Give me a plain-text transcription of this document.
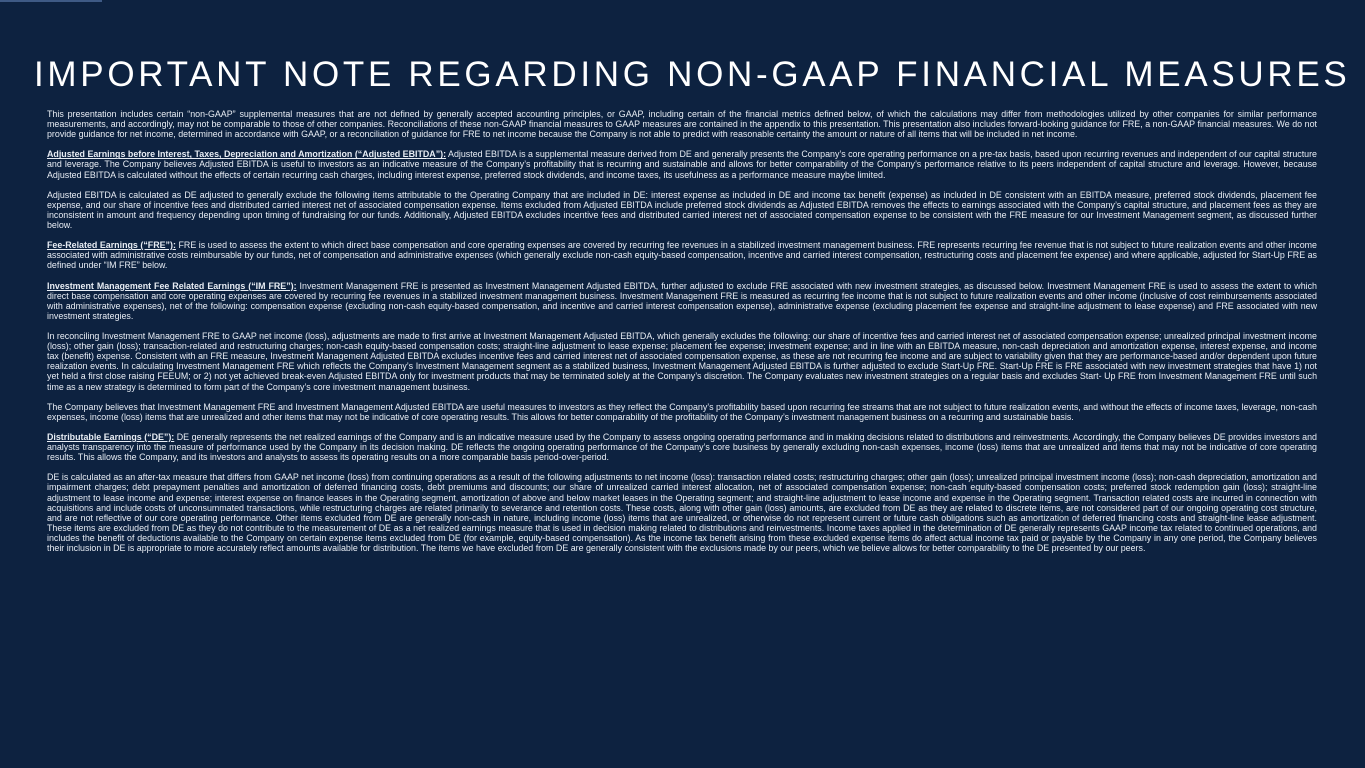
IMPORTANT NOTE REGARDING NON-GAAP FINANCIAL MEASURES

This presentation includes certain “non-GAAP” supplemental measures that are not defined by generally accepted accounting principles, or GAAP, including certain of the financial metrics defined below, of which the calculations may differ from methodologies utilized by other companies for similar performance measurements, and accordingly, may not be comparable to those of other companies. Reconciliations of these non-GAAP financial measures to GAAP measures are contained in the appendix to this presentation. This presentation also includes forward-looking guidance for FRE, a non-GAAP financial measures. We do not provide guidance for net income, determined in accordance with GAAP, or a reconciliation of guidance for FRE to net income because the Company is not able to predict with reasonable certainty the amount or nature of all items that will be included in net income.

Adjusted Earnings before Interest, Taxes, Depreciation and Amortization (“Adjusted EBITDA”): Adjusted EBITDA is a supplemental measure derived from DE and generally presents the Company’s core operating performance on a pre-tax basis, based upon recurring revenues and independent of our capital structure and leverage. The Company believes Adjusted EBITDA is useful to investors as an indicative measure of the Company’s profitability that is recurring and sustainable and allows for better comparability of the Company’s performance relative to its peers independent of capital structure and leverage. However, because Adjusted EBITDA is calculated without the effects of certain recurring cash charges, including interest expense, preferred stock dividends, and income taxes, its usefulness as a performance measure maybe limited.

Adjusted EBITDA is calculated as DE adjusted to generally exclude the following items attributable to the Operating Company that are included in DE: interest expense as included in DE and income tax benefit (expense) as included in DE consistent with an EBITDA measure, preferred stock dividends, placement fee expense, and our share of incentive fees and distributed carried interest net of associated compensation expense. Items excluded from Adjusted EBITDA include preferred stock dividends as Adjusted EBITDA removes the effects to earnings associated with the Company’s capital structure, and placement fees as they are inconsistent in amount and frequency depending upon timing of fundraising for our funds. Additionally, Adjusted EBITDA excludes incentive fees and distributed carried interest net of associated compensation expense to be consistent with the FRE measure for our Investment Management segment, as discussed further below.

Fee-Related Earnings (“FRE”): FRE is used to assess the extent to which direct base compensation and core operating expenses are covered by recurring fee revenues in a stabilized investment management business. FRE represents recurring fee revenue that is not subject to future realization events and other income associated with administrative costs reimbursable by our funds, net of compensation and administrative expenses (which generally exclude non-cash equity-based compensation, incentive and carried interest compensation, restructuring costs and placement fee expense) and where applicable, adjusted for Start-Up FRE as defined under “IM FRE” below.

Investment Management Fee Related Earnings (“IM FRE”): Investment Management FRE is presented as Investment Management Adjusted EBITDA, further adjusted to exclude FRE associated with new investment strategies, as discussed below. Investment Management FRE is used to assess the extent to which direct base compensation and core operating expenses are covered by recurring fee revenues in a stabilized investment management business. Investment Management FRE is measured as recurring fee income that is not subject to future realization events and other income (inclusive of cost reimbursements associated with administrative expenses), net of the following: compensation expense (excluding non-cash equity-based compensation, and incentive and carried interest compensation expense), administrative expense (excluding placement fee expense and straight-line adjustment to lease expense) and FRE associated with new investment strategies.

In reconciling Investment Management FRE to GAAP net income (loss), adjustments are made to first arrive at Investment Management Adjusted EBITDA, which generally excludes the following: our share of incentive fees and carried interest net of associated compensation expense; unrealized principal investment income (loss); other gain (loss); transaction-related and restructuring charges; non-cash equity-based compensation costs; straight-line adjustment to lease expense; placement fee expense; investment expense; and in line with an EBITDA measure, non-cash depreciation and amortization expense, interest expense, and income tax (benefit) expense. Consistent with an FRE measure, Investment Management Adjusted EBITDA excludes incentive fees and carried interest net of associated compensation expense, as these are not recurring fee income and are subject to variability given that they are performance-based and/or dependent upon future realization events. In calculating Investment Management FRE which reflects the Company’s Investment Management segment as a stabilized business, Investment Management Adjusted EBITDA is further adjusted to exclude Start-Up FRE. Start-Up FRE is FRE associated with new investment strategies that have 1) not yet held a first close raising FEEUM; or 2) not yet achieved break-even Adjusted EBITDA only for investment products that may be terminated solely at the Company’s discretion. The Company evaluates new investment strategies on a regular basis and excludes Start- Up FRE from Investment Management FRE until such time as a new strategy is determined to form part of the Company’s core investment management business.

The Company believes that Investment Management FRE and Investment Management Adjusted EBITDA are useful measures to investors as they reflect the Company’s profitability based upon recurring fee streams that are not subject to future realization events, and without the effects of income taxes, leverage, non-cash expenses, income (loss) items that are unrealized and other items that may not be indicative of core operating results. This allows for better comparability of the profitability of the Company’s investment management business on a recurring and sustainable basis.

Distributable Earnings (“DE”): DE generally represents the net realized earnings of the Company and is an indicative measure used by the Company to assess ongoing operating performance and in making decisions related to distributions and reinvestments. Accordingly, the Company believes DE provides investors and analysts transparency into the measure of performance used by the Company in its decision making. DE reflects the ongoing operating performance of the Company’s core business by generally excluding non-cash expenses, income (loss) items that are unrealized and items that may not be indicative of core operating results. This allows the Company, and its investors and analysts to assess its operating results on a more comparable basis period-over-period.

DE is calculated as an after-tax measure that differs from GAAP net income (loss) from continuing operations as a result of the following adjustments to net income (loss): transaction related costs; restructuring charges; other gain (loss); unrealized principal investment income (loss); non-cash depreciation, amortization and impairment charges; debt prepayment penalties and amortization of deferred financing costs, debt premiums and discounts; our share of unrealized carried interest allocation, net of associated compensation expense; non-cash equity-based compensation costs; preferred stock redemption gain (loss); straight-line adjustment to lease income and expense; interest expense on finance leases in the Operating segment, amortization of above and below market leases in the Operating segment; and straight-line adjustment to lease income and expense in the Operating segment. Transaction related costs are incurred in connection with acquisitions and include costs of unconsummated transactions, while restructuring charges are related primarily to severance and retention costs. These costs, along with other gain (loss) amounts, are excluded from DE as they are related to discrete items, are not considered part of our ongoing operating cost structure, and are not reflective of our core operating performance. Other items excluded from DE are generally non-cash in nature, including income (loss) items that are unrealized, or otherwise do not represent current or future cash obligations such as amortization of deferred financing costs and straight-line lease adjustment. These items are excluded from DE as they do not contribute to the measurement of DE as a net realized earnings measure that is used in decision making related to distributions and reinvestments. Income taxes applied in the determination of DE generally represents GAAP income tax related to continued operations, and includes the benefit of deductions available to the Company on certain expense items excluded from DE (for example, equity-based compensation). As the income tax benefit arising from these excluded expense items do affect actual income tax paid or payable by the Company in any one period, the Company believes their inclusion in DE is appropriate to more accurately reflect amounts available for distribution. The items we have excluded from DE are generally consistent with the exclusions made by our peers, which we believe allows for better comparability to the DE presented by our peers.
